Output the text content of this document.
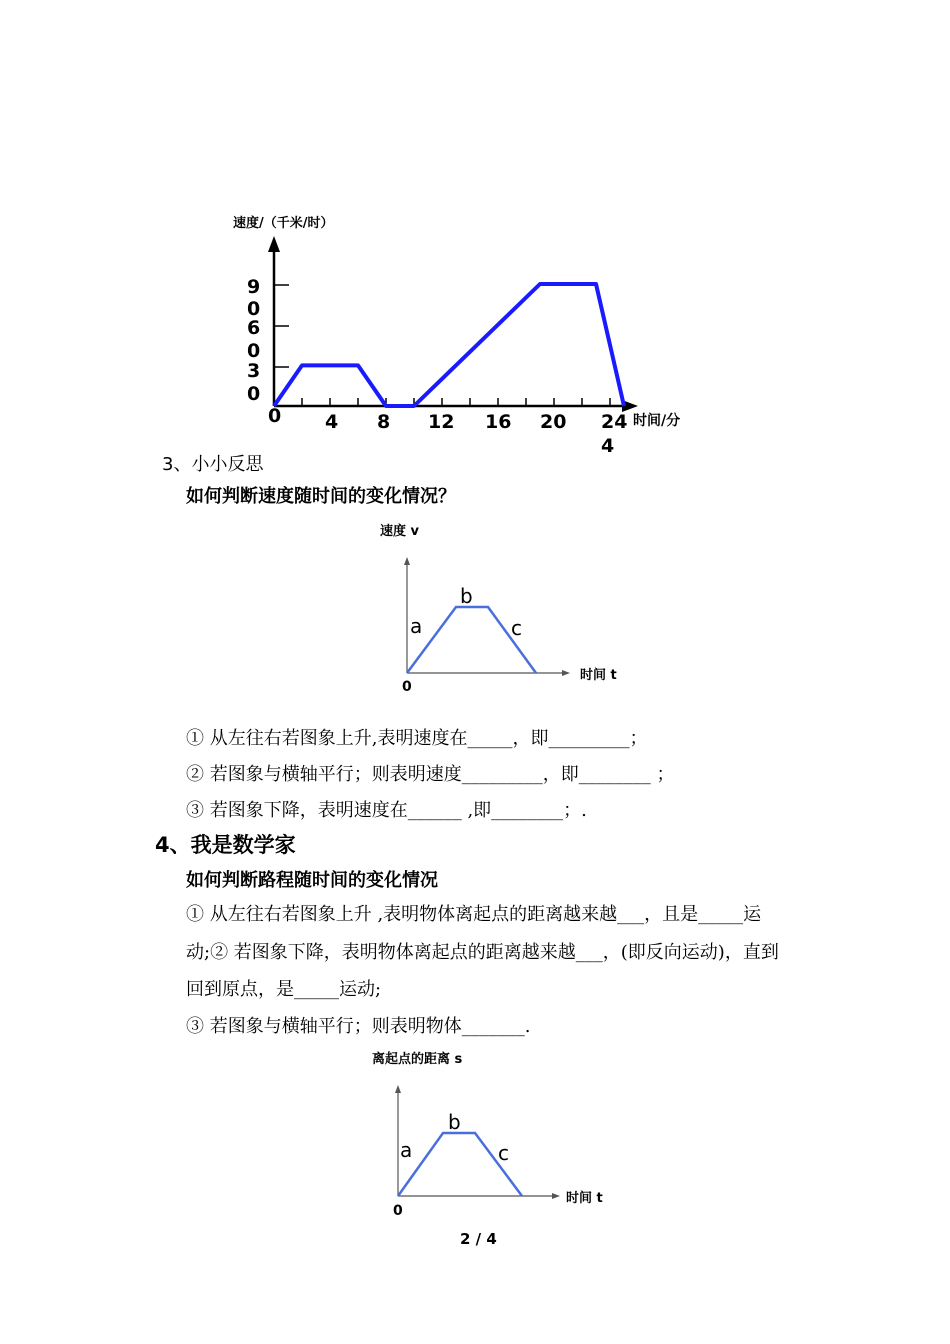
速度/（千米/时）
9
0
6
0
3
0
4 8 12 16 20 24
0
4
时间/分
3、小小反思
如何判断速度随时间的变化情况？
速度 v
a
b
c
0
时间 t
① 从左往右若图象上升,表明速度在_____，即_________；
② 若图象与横轴平行；则表明速度_________，即________ ；
③ 若图象下降，表明速度在______ ,即________；.
4、我是数学家
如何判断路程随时间的变化情况
① 从左往右若图象上升 ,表明物体离起点的距离越来越___，且是_____运
动;② 若图象下降，表明物体离起点的距离越来越___，(即反向运动)，直到
回到原点，是_____运动;
③ 若图象与横轴平行；则表明物体_______.
离起点的距离 s
a
b
c
0
时间 t
2 / 4
